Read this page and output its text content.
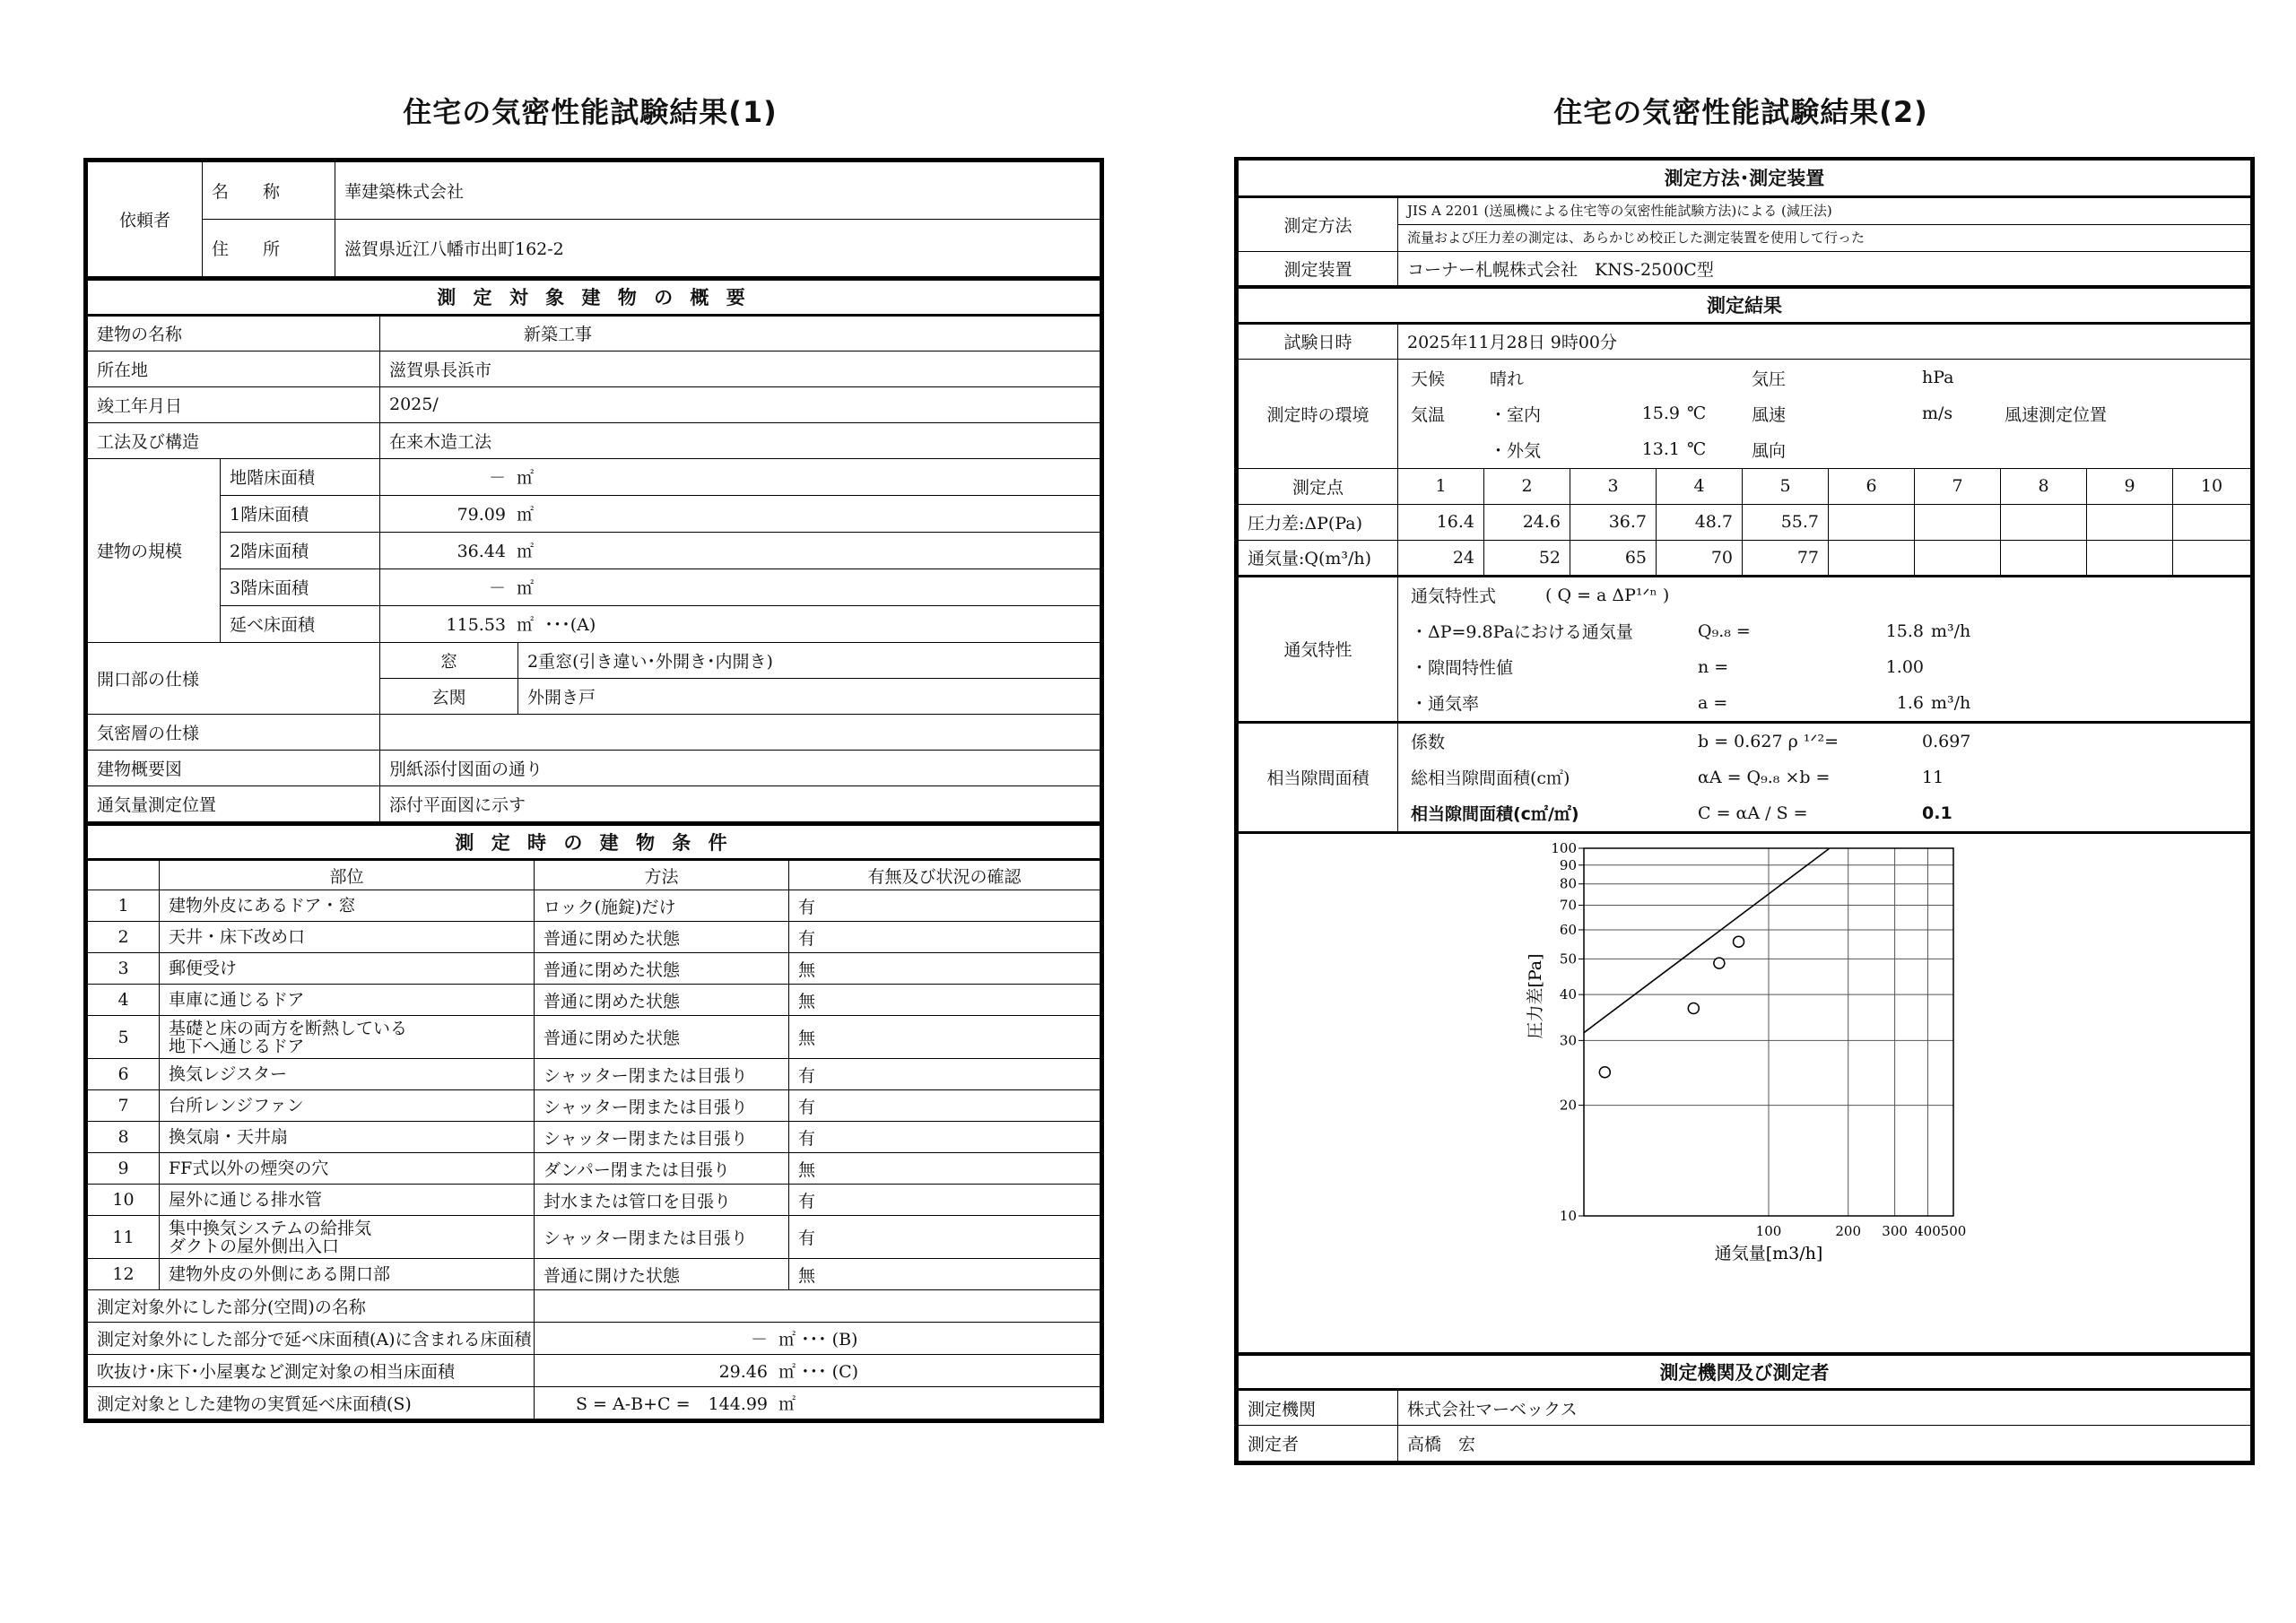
住宅の気密性能試験結果(1)	住宅の気密性能試験結果(2)
依頼者	名　　称	華建築株式会社
	住　　所	滋賀県近江八幡市出町162-2
測 定 対 象 建 物 の 概 要			
建物の名称		新築工事	
所在地		滋賀県長浜市	
竣工年月日		2025/	
工法及び構造		在来木造工法	
建物の規模	地階床面積	－ ㎡	
	1階床面積	79.09 ㎡	
	2階床面積	36.44 ㎡	
	3階床面積	－ ㎡	
	延べ床面積	115.53 ㎡ ･･･(A)	
開口部の仕様		窓	2重窓(引き違い･外開き･内開き)
		玄関	外開き戸
気密層の仕様			
建物概要図		別紙添付図面の通り	
通気量測定位置		添付平面図に示す	
測 定 時 の 建 物 条 件			
	部位	方法	有無及び状況の確認
1	建物外皮にあるドア・窓	ロック(施錠)だけ	有
2	天井・床下改め口	普通に閉めた状態	有
3	郵便受け	普通に閉めた状態	無
4	車庫に通じるドア	普通に閉めた状態	無
5	基礎と床の両方を断熱している
地下へ通じるドア	普通に閉めた状態	無
6	換気レジスター	シャッター閉または目張り	有
7	台所レンジファン	シャッター閉または目張り	有
8	換気扇・天井扇	シャッター閉または目張り	有
9	FF式以外の煙突の穴	ダンパー閉または目張り	無
10	屋外に通じる排水管	封水または管口を目張り	有
11	集中換気システムの給排気
ダクトの屋外側出入口	シャッター閉または目張り	有
12	建物外皮の外側にある開口部	普通に開けた状態	無
測定対象外にした部分(空間)の名称			
測定対象外にした部分で延べ床面積(A)に含まれる床面積		－ ㎡ ･･･ (B)	
吹抜け･床下･小屋裏など測定対象の相当床面積		29.46 ㎡ ･･･ (C)	
測定対象とした建物の実質延べ床面積(S)		S = A-B+C = 144.99 ㎡	
測定方法･測定装置
測定方法	
JIS A 2201 (送風機による住宅等の気密性能試験方法)による (減圧法)
流量および圧力差の測定は、あらかじめ校正した測定装置を使用して行った

測定装置	コーナー札幌株式会社　KNS-2500C型
測定結果
試験日時	2025年11月28日 9時00分
測定時の環境	
天候	晴れ			気圧	hPa	
気温	・室内	15.9	℃	風速	m/s	風速測定位置
	・外気	13.1	℃	風向		

測定点	1	2	3	4	5	6	7	8	9	10
圧力差:ΔP(Pa)	16.4	24.6	36.7	48.7	55.7					
通気量:Q(m³/h)	24	52	65	70	77					
通気特性	
通気特性式	( Q = a ΔP¹ᐟⁿ )
・ΔP=9.8Paにおける通気量	Q₉.₈ =	15.8	m³/h	
・隙間特性値	n =	1.00		
・通気率	a =	1.6	m³/h	

相当隙間面積	
係数	b = 0.627 ρ ¹ᐟ²=	0.697
総相当隙間面積(c㎡)	αA = Q₉.₈ ×b =	11
相当隙間面積(c㎡/㎡)	C = αA / S =	0.1

100	200 300 400 500
100
90
80
70
60
50
40
30
20
10
通気量[m3/h]
圧力差[Pa]

測定機関及び測定者
測定機関	株式会社マーベックス
測定者	高橋　宏
